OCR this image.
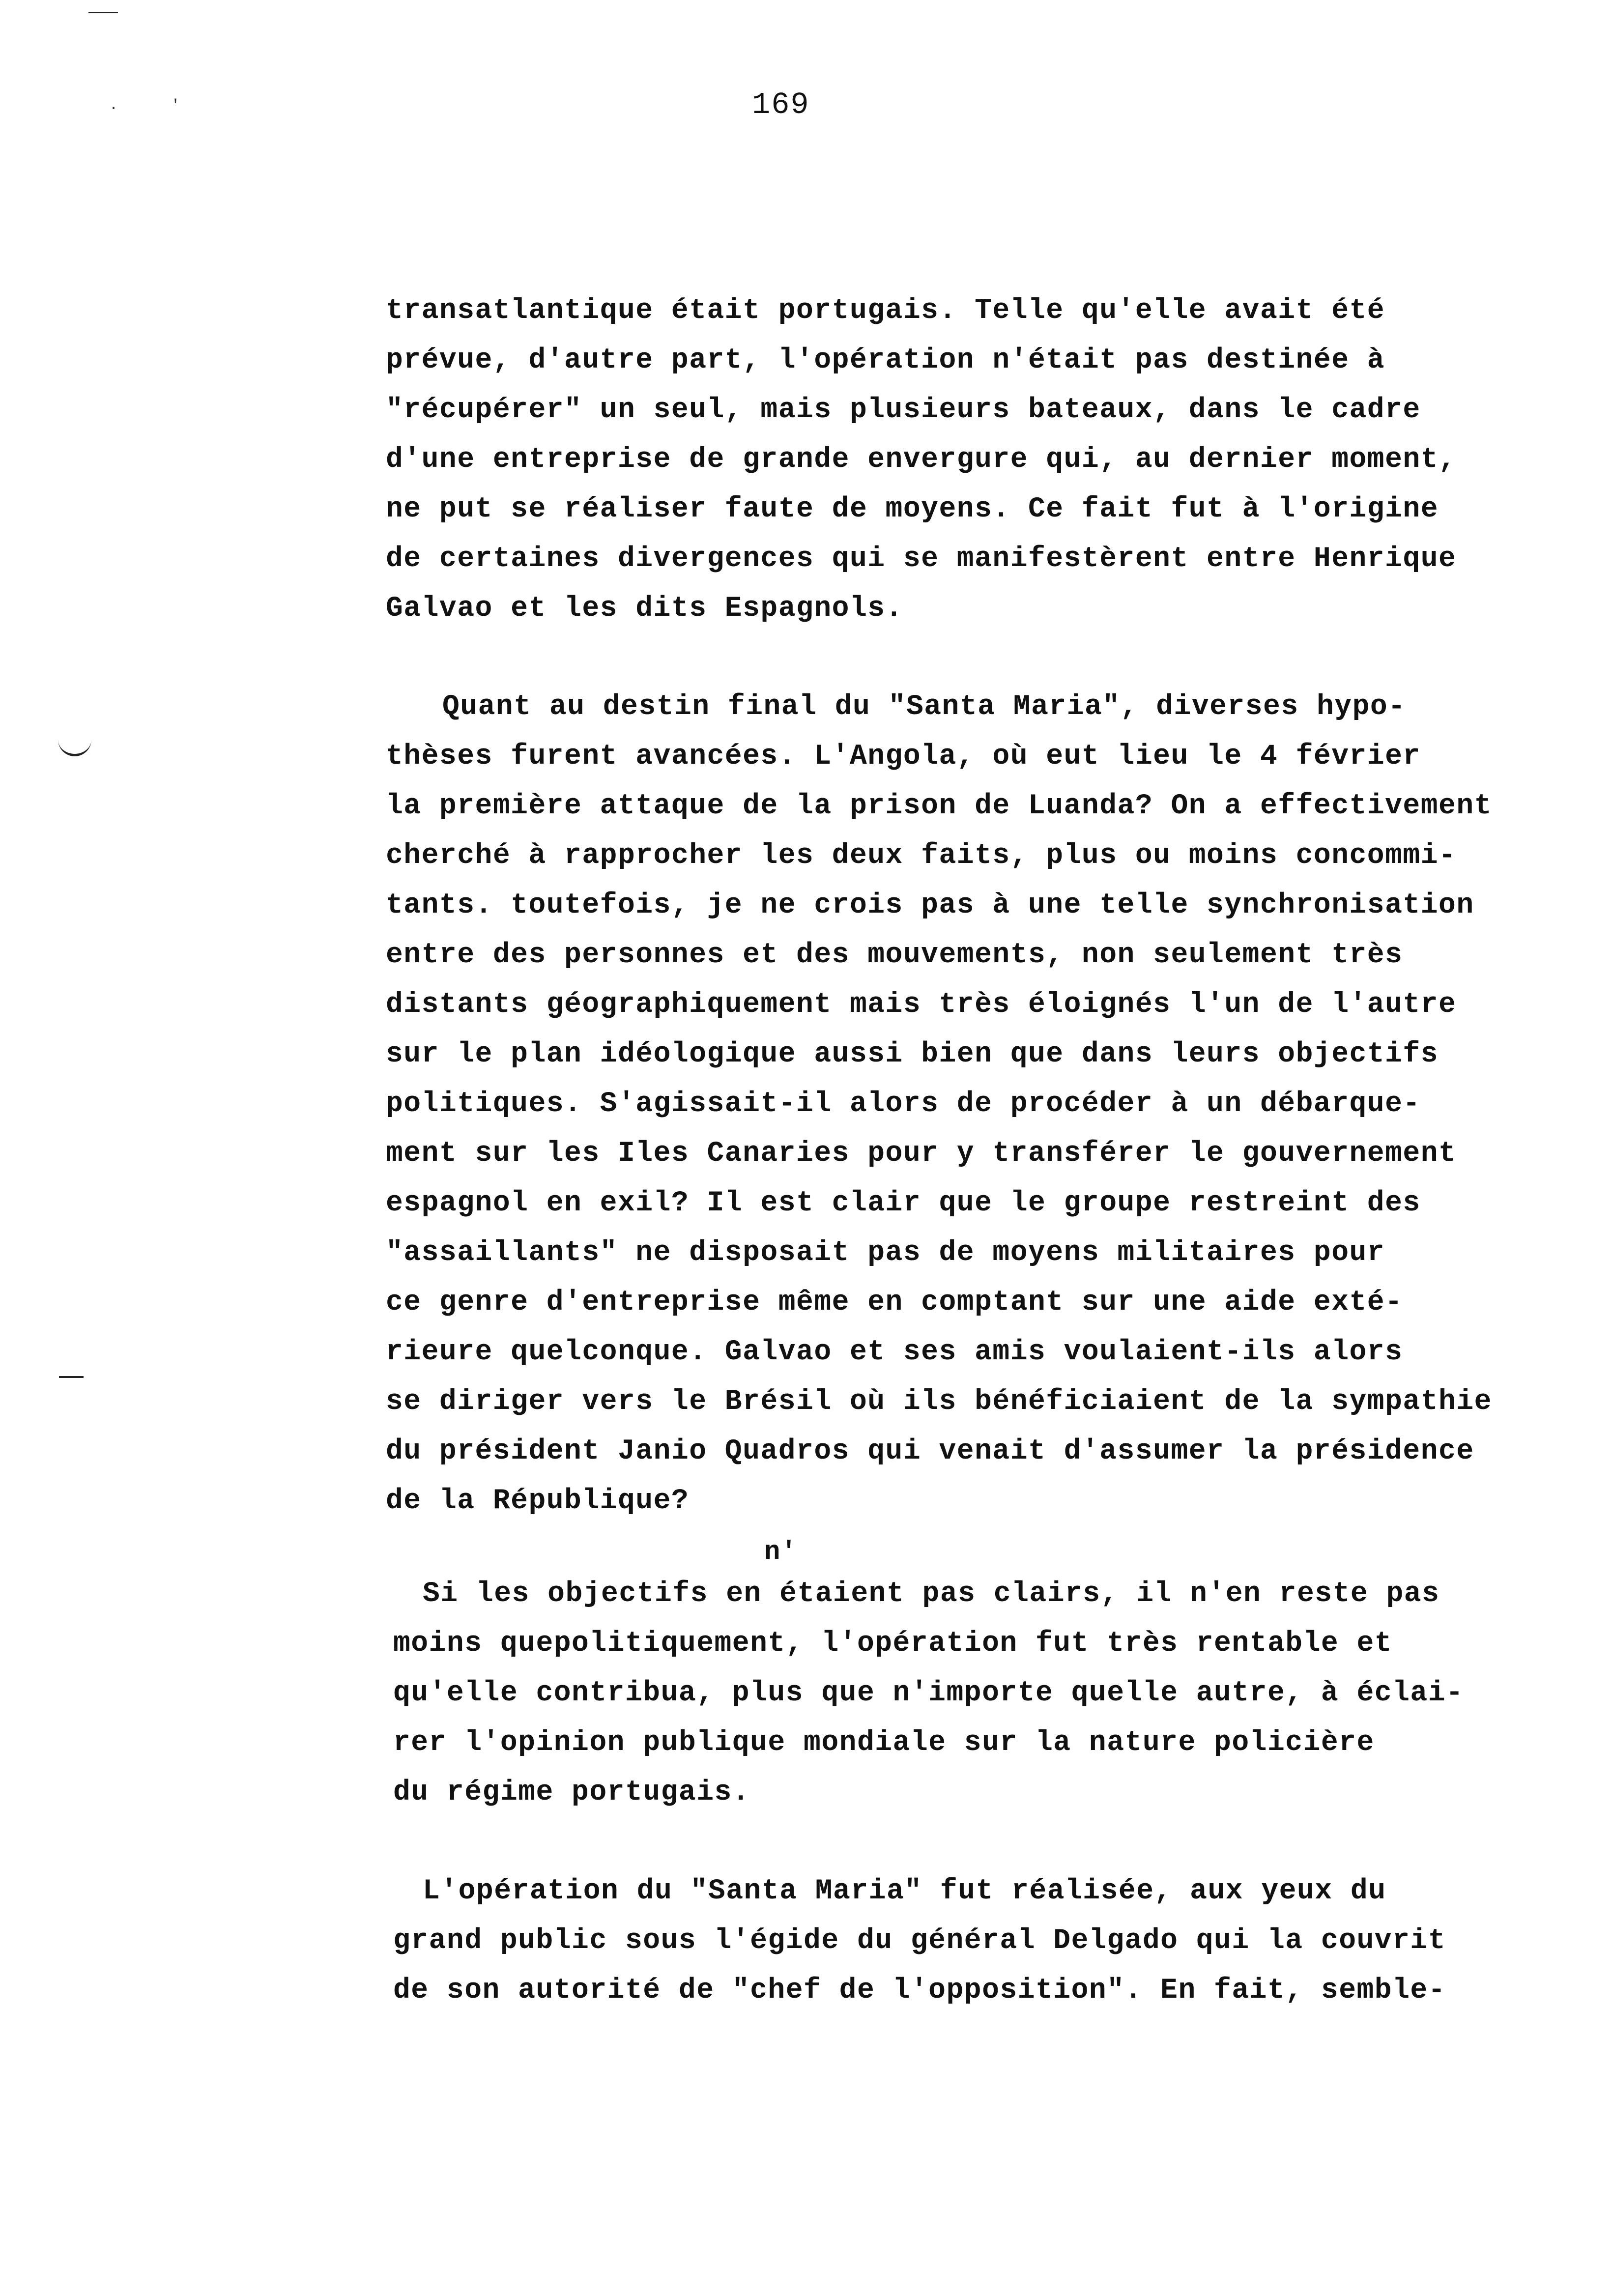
.	'	169
transatlantique était portugais. Telle qu'elle avait été
prévue, d'autre part, l'opération n'était pas destinée à
"récupérer" un seul, mais plusieurs bateaux, dans le cadre
d'une entreprise de grande envergure qui, au dernier moment,
ne put se réaliser faute de moyens. Ce fait fut à l'origine
de certaines divergences qui se manifestèrent entre Henrique
Galvao et les dits Espagnols.
Quant au destin final du "Santa Maria", diverses hypo-
thèses furent avancées. L'Angola, où eut lieu le 4 février
la première attaque de la prison de Luanda? On a effectivement
cherché à rapprocher les deux faits, plus ou moins concommi-
tants. toutefois, je ne crois pas à une telle synchronisation
entre des personnes et des mouvements, non seulement très
distants géographiquement mais très éloignés l'un de l'autre
sur le plan idéologique aussi bien que dans leurs objectifs
politiques. S'agissait-il alors de procéder à un débarque-
ment sur les Iles Canaries pour y transférer le gouvernement
espagnol en exil? Il est clair que le groupe restreint des
"assaillants" ne disposait pas de moyens militaires pour
ce genre d'entreprise même en comptant sur une aide exté-
rieure quelconque. Galvao et ses amis voulaient-ils alors
se diriger vers le Brésil où ils bénéficiaient de la sympathie
du président Janio Quadros qui venait d'assumer la présidence
de la République?
n'
Si les objectifs en étaient pas clairs, il n'en reste pas
moins quepolitiquement, l'opération fut très rentable et
qu'elle contribua, plus que n'importe quelle autre, à éclai-
rer l'opinion publique mondiale sur la nature policière
du régime portugais.
L'opération du "Santa Maria" fut réalisée, aux yeux du
grand public sous l'égide du général Delgado qui la couvrit
de son autorité de "chef de l'opposition". En fait, semble-
